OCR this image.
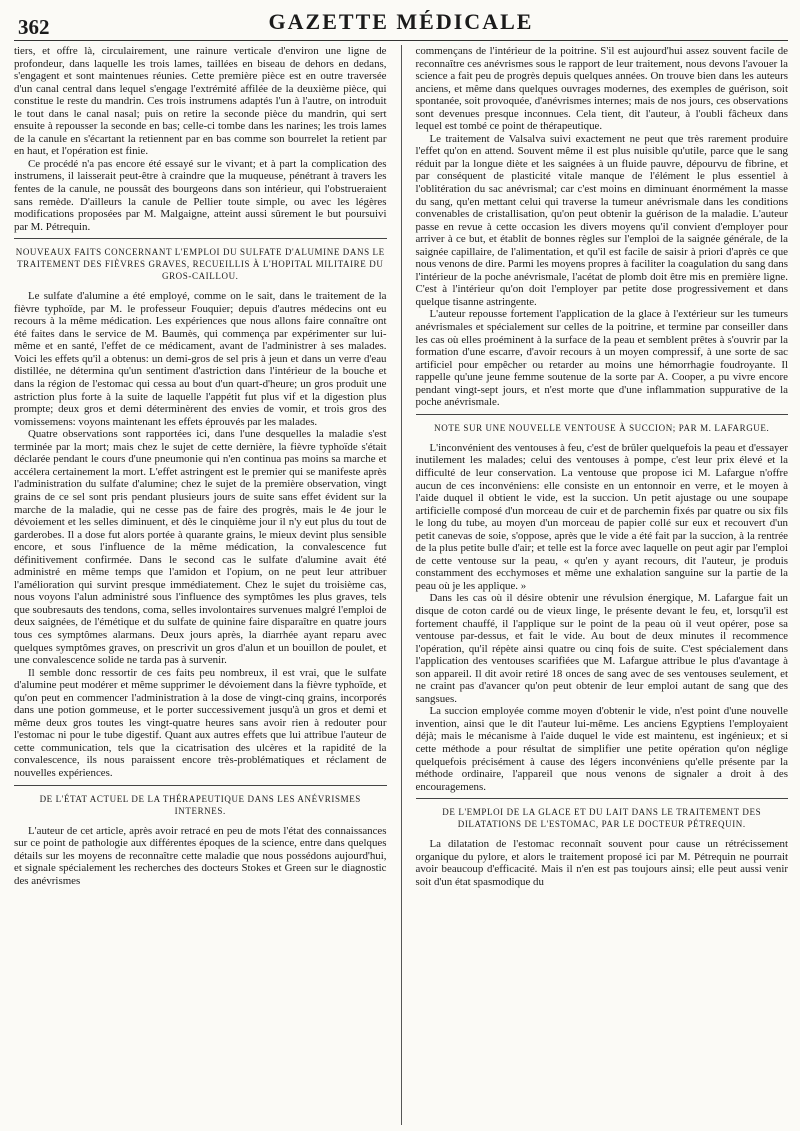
362	GAZETTE MÉDICALE

tiers, et offre là, circulairement, une rainure verticale d'environ une ligne de profondeur, dans laquelle les trois lames, taillées en biseau de dehors en dedans, s'engagent et sont maintenues réunies. Cette première pièce est en outre traversée d'un canal central dans lequel s'engage l'extrémité affilée de la deuxième pièce, qui constitue le reste du mandrin. Ces trois instrumens adaptés l'un à l'autre, on introduit le tout dans le canal nasal; puis on retire la seconde pièce du mandrin, qui sert ensuite à repousser la seconde en bas; celle-ci tombe dans les narines; les trois lames de la canule en s'écartant la retiennent par en bas comme son bourrelet la retient par en haut, et l'opération est finie.

Ce procédé n'a pas encore été essayé sur le vivant; et à part la complication des instrumens, il laisserait peut-être à craindre que la muqueuse, pénétrant à travers les fentes de la canule, ne poussât des bourgeons dans son intérieur, qui l'obstrueraient sans remède. D'ailleurs la canule de Pellier toute simple, ou avec les légères modifications proposées par M. Malgaigne, atteint aussi sûrement le but poursuivi par M. Pétrequin.

NOUVEAUX FAITS CONCERNANT L'EMPLOI DU SULFATE D'ALUMINE DANS LE TRAITEMENT DES FIÈVRES GRAVES, RECUEILLIS À L'HOPITAL MILITAIRE DU GROS-CAILLOU.

Le sulfate d'alumine a été employé, comme on le sait, dans le traitement de la fièvre typhoïde, par M. le professeur Fouquier; depuis d'autres médecins ont eu recours à la même médication. Les expériences que nous allons faire connaître ont été faites dans le service de M. Baumès, qui commença par expérimenter sur lui-même et en santé, l'effet de ce médicament, avant de l'administrer à ses malades. Voici les effets qu'il a obtenus: un demi-gros de sel pris à jeun et dans un verre d'eau distillée, ne détermina qu'un sentiment d'astriction dans l'intérieur de la bouche et dans la région de l'estomac qui cessa au bout d'un quart-d'heure; un gros produit une astriction plus forte à la suite de laquelle l'appétit fut plus vif et la digestion plus prompte; deux gros et demi déterminèrent des envies de vomir, et trois gros des vomissemens: voyons maintenant les effets éprouvés par les malades.

Quatre observations sont rapportées ici, dans l'une desquelles la maladie s'est terminée par la mort; mais chez le sujet de cette dernière, la fièvre typhoïde s'était déclarée pendant le cours d'une pneumonie qui n'en continua pas moins sa marche et accélera certainement la mort. L'effet astringent est le premier qui se manifeste après l'administration du sulfate d'alumine; chez le sujet de la première observation, vingt grains de ce sel sont pris pendant plusieurs jours de suite sans effet évident sur la marche de la maladie, qui ne cesse pas de faire des progrès, mais le 4e jour le dévoiement et les selles diminuent, et dès le cinquième jour il n'y eut plus du tout de garderobes. Il a dose fut alors portée à quarante grains, le mieux devint plus sensible encore, et sous l'influence de la même médication, la convalescence fut définitivement confirmée. Dans le second cas le sulfate d'alumine avait été administré en même temps que l'amidon et l'opium, on ne peut leur attribuer l'amélioration qui survint presque immédiatement. Chez le sujet du troisième cas, nous voyons l'alun administré sous l'influence des symptômes les plus graves, tels que soubresauts des tendons, coma, selles involontaires survenues malgré l'emploi de deux saignées, de l'émétique et du sulfate de quinine faire disparaître en quatre jours tous ces symptômes alarmans. Deux jours après, la diarrhée ayant reparu avec quelques symptômes graves, on prescrivit un gros d'alun et un bouillon de poulet, et une convalescence solide ne tarda pas à survenir.

Il semble donc ressortir de ces faits peu nombreux, il est vrai, que le sulfate d'alumine peut modérer et même supprimer le dévoiement dans la fièvre typhoïde, et qu'on peut en commencer l'administration à la dose de vingt-cinq grains, incorporés dans une potion gommeuse, et le porter successivement jusqu'à un gros et demi et même deux gros toutes les vingt-quatre heures sans avoir rien à redouter pour l'estomac ni pour le tube digestif. Quant aux autres effets que lui attribue l'auteur de cette communication, tels que la cicatrisation des ulcères et la rapidité de la convalescence, ils nous paraissent encore très-problématiques et réclament de nouvelles expériences.

DE L'ÉTAT ACTUEL DE LA THÉRAPEUTIQUE DANS LES ANÉVRISMES INTERNES.

L'auteur de cet article, après avoir retracé en peu de mots l'état des connaissances sur ce point de pathologie aux différentes époques de la science, entre dans quelques détails sur les moyens de reconnaître cette maladie que nous possédons aujourd'hui, et signale spécialement les recherches des docteurs Stokes et Green sur le diagnostic des anévrismes

commençans de l'intérieur de la poitrine. S'il est aujourd'hui assez souvent facile de reconnaître ces anévrismes sous le rapport de leur traitement, nous devons l'avouer la science a fait peu de progrès depuis quelques années. On trouve bien dans les auteurs anciens, et même dans quelques ouvrages modernes, des exemples de guérison, soit spontanée, soit provoquée, d'anévrismes internes; mais de nos jours, ces observations sont devenues presque inconnues. Cela tient, dit l'auteur, à l'oubli fâcheux dans lequel est tombé ce point de thérapeutique.

Le traitement de Valsalva suivi exactement ne peut que très rarement produire l'effet qu'on en attend. Souvent même il est plus nuisible qu'utile, parce que le sang réduit par la longue diète et les saignées à un fluide pauvre, dépourvu de fibrine, et par conséquent de plasticité vitale manque de l'élément le plus essentiel à l'oblitération du sac anévrismal; car c'est moins en diminuant énormément la masse du sang, qu'en mettant celui qui traverse la tumeur anévrismale dans les conditions convenables de cristallisation, qu'on peut obtenir la guérison de la maladie. L'auteur passe en revue à cette occasion les divers moyens qu'il convient d'employer pour arriver à ce but, et établit de bonnes règles sur l'emploi de la saignée générale, de la saignée capillaire, de l'alimentation, et qu'il est facile de saisir à priori d'après ce que nous venons de dire. Parmi les moyens propres à faciliter la coagulation du sang dans l'intérieur de la poche anévrismale, l'acétat de plomb doit être mis en première ligne. C'est à l'intérieur qu'on doit l'employer par petite dose progressivement et dans quelque tisanne astringente.

L'auteur repousse fortement l'application de la glace à l'extérieur sur les tumeurs anévrismales et spécialement sur celles de la poitrine, et termine par conseiller dans les cas où elles proéminent à la surface de la peau et semblent prêtes à s'ouvrir par la formation d'une escarre, d'avoir recours à un moyen compressif, à une sorte de sac artificiel pour empêcher ou retarder au moins une hémorrhagie foudroyante. Il rappelle qu'une jeune femme soutenue de la sorte par A. Cooper, a pu vivre encore pendant vingt-sept jours, et n'est morte que d'une inflammation suppurative de la poche anévrismale.

NOTE SUR UNE NOUVELLE VENTOUSE À SUCCION; PAR M. LAFARGUE.

L'inconvénient des ventouses à feu, c'est de brûler quelquefois la peau et d'essayer inutilement les malades; celui des ventouses à pompe, c'est leur prix élevé et la difficulté de leur conservation. La ventouse que propose ici M. Lafargue n'offre aucun de ces inconvéniens: elle consiste en un entonnoir en verre, et le moyen à l'aide duquel il obtient le vide, est la succion. Un petit ajustage ou une soupape artificielle composé d'un morceau de cuir et de parchemin fixés par quatre ou six fils le long du tube, au moyen d'un morceau de papier collé sur eux et recouvert d'un petit canevas de soie, s'oppose, après que le vide a été fait par la succion, à la rentrée de la plus petite bulle d'air; et telle est la force avec laquelle on peut agir par l'emploi de cette ventouse sur la peau, « qu'en y ayant recours, dit l'auteur, je produis constamment des ecchymoses et même une exhalation sanguine sur la partie de la peau où je les applique. »

Dans les cas où il désire obtenir une révulsion énergique, M. Lafargue fait un disque de coton cardé ou de vieux linge, le présente devant le feu, et, lorsqu'il est fortement chauffé, il l'applique sur le point de la peau où il veut opérer, pose sa ventouse par-dessus, et fait le vide. Au bout de deux minutes il recommence l'opération, qu'il répète ainsi quatre ou cinq fois de suite. C'est spécialement dans l'application des ventouses scarifiées que M. Lafargue attribue le plus d'avantage à son appareil. Il dit avoir retiré 18 onces de sang avec de ses ventouses seulement, et ne craint pas d'avancer qu'on peut obtenir de leur emploi autant de sang que des sangsues.

La succion employée comme moyen d'obtenir le vide, n'est point d'une nouvelle invention, ainsi que le dit l'auteur lui-même. Les anciens Egyptiens l'employaient déjà; mais le mécanisme à l'aide duquel le vide est maintenu, est ingénieux; et si cette méthode a pour résultat de simplifier une petite opération qu'on néglige quelquefois précisément à cause des légers inconvéniens qu'elle présente par la méthode ordinaire, l'appareil que nous venons de signaler a droit à des encouragemens.

DE L'EMPLOI DE LA GLACE ET DU LAIT DANS LE TRAITEMENT DES DILATATIONS DE L'ESTOMAC, PAR LE DOCTEUR PÉTREQUIN.

La dilatation de l'estomac reconnaît souvent pour cause un rétrécissement organique du pylore, et alors le traitement proposé ici par M. Pétrequin ne pourrait avoir beaucoup d'efficacité. Mais il n'en est pas toujours ainsi; elle peut aussi venir soit d'un état spasmodique du
